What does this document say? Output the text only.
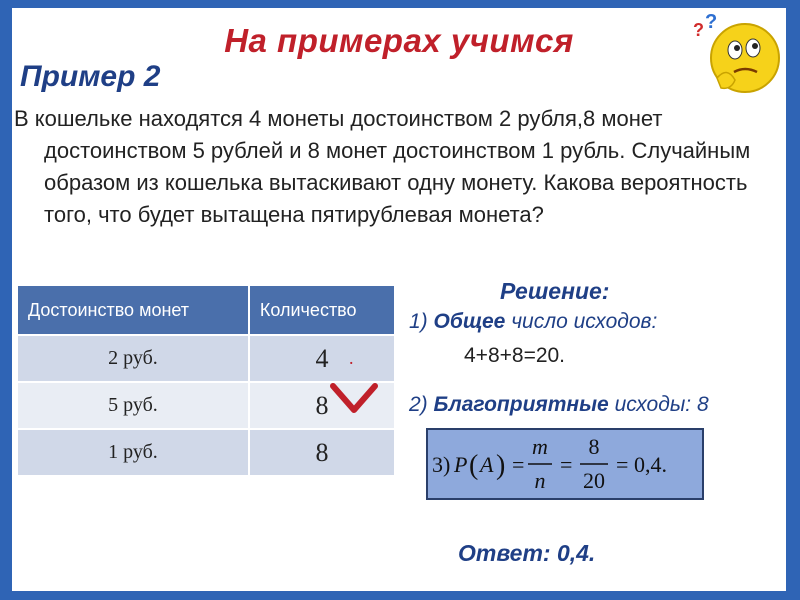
На примерах учимся	? ?
Пример 2
В кошельке находятся 4 монеты достоинством 2 рубля,8 монет достоинством 5 рублей и 8 монет достоинством 1 рубль. Случайным образом из кошелька вытаскивают одну монету. Какова вероятность того, что будет вытащена пятирублевая монета?
Достоинство монет	Количество
2 руб.	4
5 руб.	8
1 руб.	8
.
Решение:
1) Общее число исходов:
4+8+8=20.
2) Благоприятные исходы: 8
3) P ( A ) =
m
n
=
8
20
= 0,4.
Ответ: 0,4.
